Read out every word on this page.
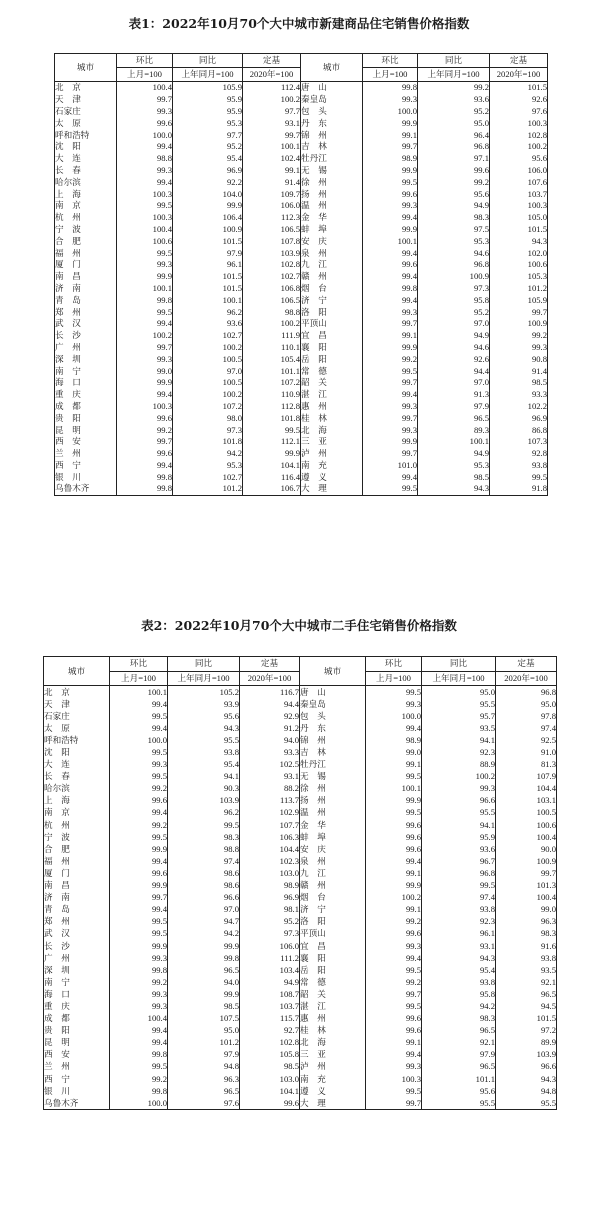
表1：2022年10月70个大中城市新建商品住宅销售价格指数
城市	环比	同比	定基	城市	环比	同比	定基
	上月=100	上年同月=100	2020年=100		上月=100	上年同月=100	2020年=100
北　京	100.4	105.9	112.4	唐　山	99.8	99.2	101.5
天　津	99.7	95.9	100.2	秦皇岛	99.3	93.6	92.6
石家庄	99.3	95.9	97.7	包　头	100.0	95.2	97.6
太　原	99.6	95.3	93.1	丹　东	99.9	95.0	100.3
呼和浩特	100.0	97.7	99.7	锦　州	99.1	96.4	102.8
沈　阳	99.4	95.2	100.1	吉　林	99.7	96.8	100.2
大　连	98.8	95.4	102.4	牡丹江	98.9	97.1	95.6
长　春	99.3	96.9	99.1	无　锡	99.9	99.6	106.0
哈尔滨	99.4	92.2	91.4	徐　州	99.5	99.2	107.6
上　海	100.3	104.0	109.7	扬　州	99.6	95.6	103.7
南　京	99.5	99.9	106.0	温　州	99.3	94.9	100.3
杭　州	100.3	106.4	112.3	金　华	99.4	98.3	105.0
宁　波	100.4	100.9	106.5	蚌　埠	99.9	97.5	101.5
合　肥	100.6	101.5	107.8	安　庆	100.1	95.3	94.3
福　州	99.5	97.9	103.9	泉　州	99.4	94.6	102.0
厦　门	99.3	96.1	102.8	九　江	99.6	96.8	100.6
南　昌	99.9	101.5	102.7	赣　州	99.4	100.9	105.3
济　南	100.1	101.5	106.8	烟　台	99.8	97.3	101.2
青　岛	99.8	100.1	106.5	济　宁	99.4	95.8	105.9
郑　州	99.5	96.2	98.8	洛　阳	99.3	95.2	99.7
武　汉	99.4	93.6	100.2	平顶山	99.7	97.0	100.9
长　沙	100.2	102.7	111.9	宜　昌	99.1	94.9	99.2
广　州	99.7	100.2	110.1	襄　阳	99.9	94.6	99.3
深　圳	99.3	100.5	105.4	岳　阳	99.2	92.6	90.8
南　宁	99.0	97.0	101.1	常　德	99.5	94.4	91.4
海　口	99.9	100.5	107.2	韶　关	99.7	97.0	98.5
重　庆	99.4	100.2	110.9	湛　江	99.4	91.3	93.3
成　都	100.3	107.2	112.8	惠　州	99.3	97.9	102.2
贵　阳	99.6	98.0	101.8	桂　林	99.7	96.5	96.9
昆　明	99.2	97.3	99.5	北　海	99.3	89.3	86.8
西　安	99.7	101.8	112.1	三　亚	99.9	100.1	107.3
兰　州	99.6	94.2	99.9	泸　州	99.7	94.9	92.8
西　宁	99.4	95.3	104.1	南　充	101.0	95.3	93.8
银　川	99.8	102.7	116.4	遵　义	99.4	98.5	99.5
乌鲁木齐	99.8	101.2	106.7	大　理	99.5	94.3	91.8
表2：2022年10月70个大中城市二手住宅销售价格指数
城市	环比	同比	定基	城市	环比	同比	定基
	上月=100	上年同月=100	2020年=100		上月=100	上年同月=100	2020年=100
北　京	100.1	105.2	116.7	唐　山	99.5	95.0	96.8
天　津	99.4	93.9	94.4	秦皇岛	99.3	95.5	95.0
石家庄	99.5	95.6	92.9	包　头	100.0	95.7	97.8
太　原	99.4	94.3	91.2	丹　东	99.4	93.5	97.4
呼和浩特	100.0	95.5	94.0	锦　州	98.9	94.1	92.5
沈　阳	99.5	93.8	93.3	吉　林	99.0	92.3	91.0
大　连	99.3	95.4	102.5	牡丹江	99.1	88.9	81.3
长　春	99.5	94.1	93.1	无　锡	99.5	100.2	107.9
哈尔滨	99.2	90.3	88.2	徐　州	100.1	99.3	104.4
上　海	99.6	103.9	113.7	扬　州	99.9	96.6	103.1
南　京	99.4	96.2	102.9	温　州	99.5	95.5	100.5
杭　州	99.2	99.5	107.7	金　华	99.6	94.1	100.6
宁　波	99.5	98.3	106.3	蚌　埠	99.6	95.9	100.4
合　肥	99.9	98.8	104.4	安　庆	99.6	93.6	90.0
福　州	99.4	97.4	102.3	泉　州	99.4	96.7	100.9
厦　门	99.6	98.6	103.0	九　江	99.1	96.8	99.7
南　昌	99.9	98.6	98.9	赣　州	99.9	99.5	101.3
济　南	99.7	96.6	96.9	烟　台	100.2	97.4	100.4
青　岛	99.4	97.0	98.1	济　宁	99.1	93.8	99.0
郑　州	99.5	94.7	95.2	洛　阳	99.2	92.3	96.3
武　汉	99.5	94.2	97.3	平顶山	99.6	96.1	98.3
长　沙	99.9	99.9	106.0	宜　昌	99.3	93.1	91.6
广　州	99.3	99.8	111.2	襄　阳	99.4	94.3	93.8
深　圳	99.8	96.5	103.4	岳　阳	99.5	95.4	93.5
南　宁	99.2	94.0	94.9	常　德	99.2	93.8	92.1
海　口	99.3	99.9	108.7	韶　关	99.7	95.8	96.5
重　庆	99.3	98.5	103.7	湛　江	99.5	94.2	94.5
成　都	100.4	107.5	115.7	惠　州	99.6	98.3	101.5
贵　阳	99.4	95.0	92.7	桂　林	99.6	96.5	97.2
昆　明	99.4	101.2	102.8	北　海	99.1	92.1	89.9
西　安	99.8	97.9	105.8	三　亚	99.4	97.9	103.9
兰　州	99.5	94.8	98.5	泸　州	99.3	96.5	96.6
西　宁	99.2	96.3	103.0	南　充	100.3	101.1	94.3
银　川	99.8	96.5	104.1	遵　义	99.5	95.6	94.8
乌鲁木齐	100.0	97.6	99.6	大　理	99.7	95.5	95.5
